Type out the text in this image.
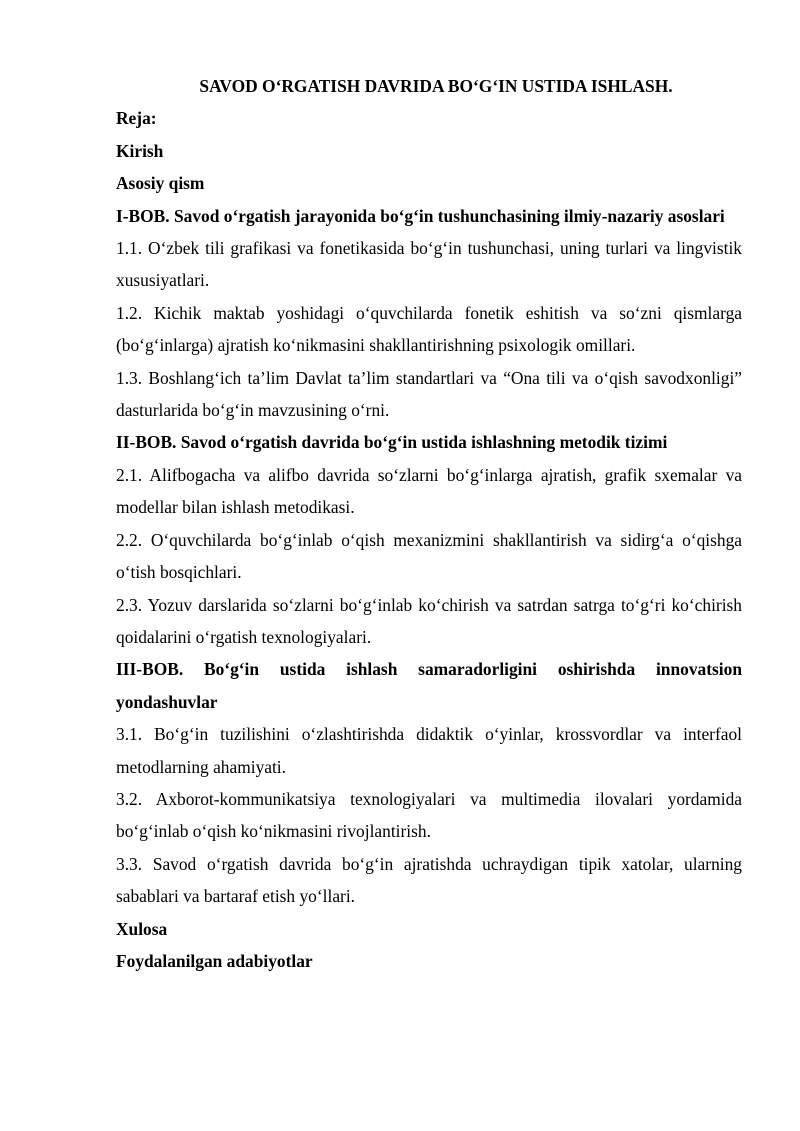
SAVOD O‘RGATISH DAVRIDA BO‘G‘IN USTIDA ISHLASH.

Reja:

Kirish

Asosiy qism

I-BOB. Savod o‘rgatish jarayonida bo‘g‘in tushunchasining ilmiy-nazariy asoslari

1.1. O‘zbek tili grafikasi va fonetikasida bo‘g‘in tushunchasi, uning turlari va lingvistik xususiyatlari.

1.2. Kichik maktab yoshidagi o‘quvchilarda fonetik eshitish va so‘zni qismlarga (bo‘g‘inlarga) ajratish ko‘nikmasini shakllantirishning psixologik omillari.

1.3. Boshlang‘ich ta’lim Davlat ta’lim standartlari va “Ona tili va o‘qish savodxonligi” dasturlarida bo‘g‘in mavzusining o‘rni.

II-BOB. Savod o‘rgatish davrida bo‘g‘in ustida ishlashning metodik tizimi

2.1. Alifbogacha va alifbo davrida so‘zlarni bo‘g‘inlarga ajratish, grafik sxemalar va modellar bilan ishlash metodikasi.

2.2. O‘quvchilarda bo‘g‘inlab o‘qish mexanizmini shakllantirish va sidirg‘a o‘qishga o‘tish bosqichlari.

2.3. Yozuv darslarida so‘zlarni bo‘g‘inlab ko‘chirish va satrdan satrga to‘g‘ri ko‘chirish qoidalarini o‘rgatish texnologiyalari.

III-BOB. Bo‘g‘in ustida ishlash samaradorligini oshirishda innovatsion yondashuvlar

3.1. Bo‘g‘in tuzilishini o‘zlashtirishda didaktik o‘yinlar, krossvordlar va interfaol metodlarning ahamiyati.

3.2. Axborot-kommunikatsiya texnologiyalari va multimedia ilovalari yordamida bo‘g‘inlab o‘qish ko‘nikmasini rivojlantirish.

3.3. Savod o‘rgatish davrida bo‘g‘in ajratishda uchraydigan tipik xatolar, ularning sabablari va bartaraf etish yo‘llari.

Xulosa

Foydalanilgan adabiyotlar
